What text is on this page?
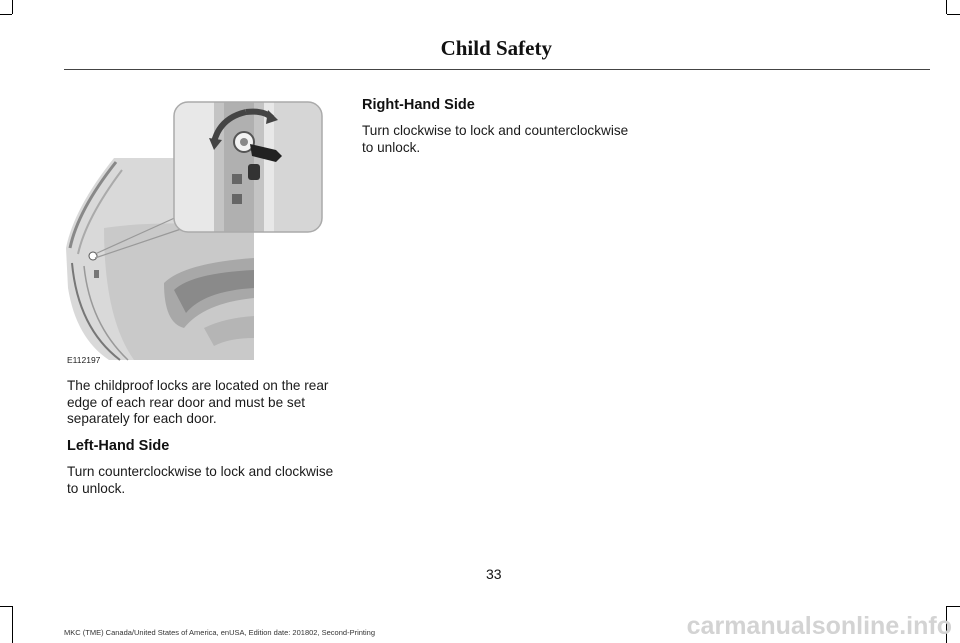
Child Safety
E112197

The childproof locks are located on the rear edge of each rear door and must be set separately for each door.

Left-Hand Side

Turn counterclockwise to lock and clockwise to unlock.

Right-Hand Side

Turn clockwise to lock and counterclockwise to unlock.

33
MKC (TME) Canada/United States of America, enUSA, Edition date: 201802, Second-Printing	carmanualsonline.info
